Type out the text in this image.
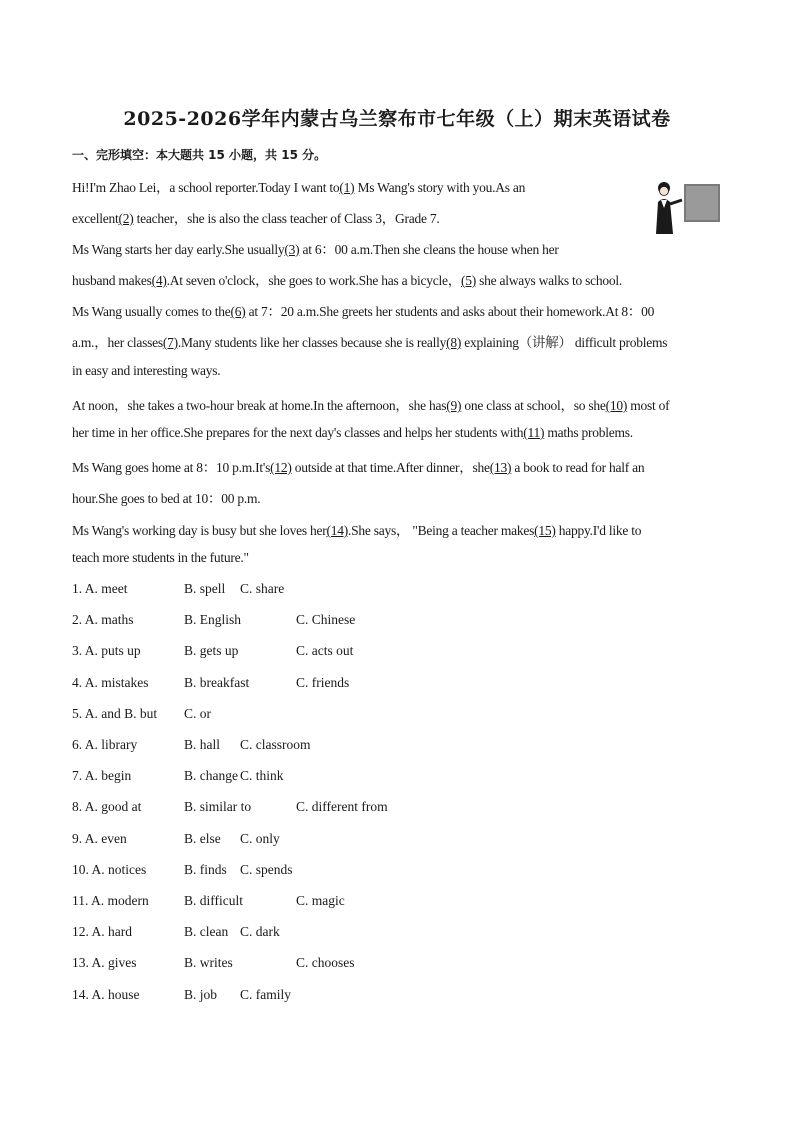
2025-2026学年内蒙古乌兰察布市七年级（上）期末英语试卷
一、完形填空：本大题共 15 小题，共 15 分。
Hi!I'm Zhao Lei，a school reporter.Today I want to(1) Ms Wang's story with you.As an
excellent(2) teacher，she is also the class teacher of Class 3，Grade 7.
Ms Wang starts her day early.She usually(3) at 6：00 a.m.Then she cleans the house when her
husband makes(4).At seven o'clock，she goes to work.She has a bicycle，(5) she always walks to school.
Ms Wang usually comes to the(6) at 7：20 a.m.She greets her students and asks about their homework.At 8：00
a.m.，her classes(7).Many students like her classes because she is really(8) explaining（讲解） difficult problems
in easy and interesting ways.
At noon，she takes a two-hour break at home.In the afternoon，she has(9) one class at school，so she(10) most of
her time in her office.She prepares for the next day's classes and helps her students with(11) maths problems.
Ms Wang goes home at 8：10 p.m.It's(12) outside at that time.After dinner，she(13) a book to read for half an
hour.She goes to bed at 10：00 p.m.
Ms Wang's working day is busy but she loves her(14).She says， "Being a teacher makes(15) happy.I'd like to
teach more students in the future."
1. A. meet	B. spell C. share
2. A. maths	B. English	C. Chinese
3. A. puts up	B. gets up	C. acts out
4. A. mistakes	B. breakfast	C. friends
5. A. and B. but C. or
6. A. library	B. hall C. classroom
7. A. begin	B. change C. think
8. A. good at	B. similar to	C. different from
9. A. even	B. else C. only
10. A. notices	B. finds C. spends
11. A. modern	B. difficult	C. magic
12. A. hard	B. clean C. dark
13. A. gives	B. writes	C. chooses
14. A. house	B. job C. family
